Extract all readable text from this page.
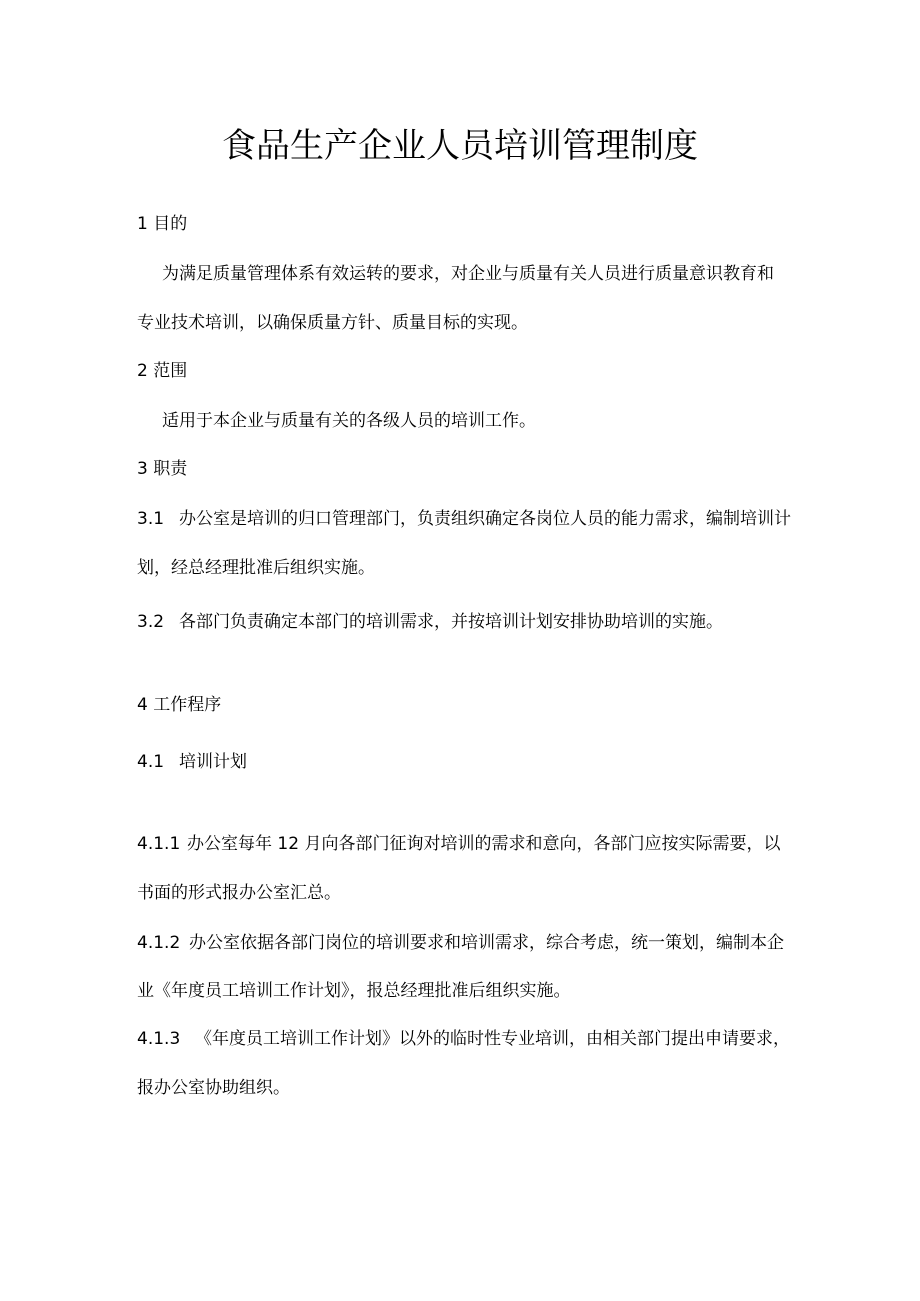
食品生产企业人员培训管理制度

1 目的

为满足质量管理体系有效运转的要求，对企业与质量有关人员进行质量意识教育和

专业技术培训，以确保质量方针、质量目标的实现。

2 范围

适用于本企业与质量有关的各级人员的培训工作。

3 职责

3.1 办公室是培训的归口管理部门，负责组织确定各岗位人员的能力需求，编制培训计

划，经总经理批准后组织实施。

3.2 各部门负责确定本部门的培训需求，并按培训计划安排协助培训的实施。

4 工作程序

4.1 培训计划

4.1.1 办公室每年 12 月向各部门征询对培训的需求和意向，各部门应按实际需要，以

书面的形式报办公室汇总。

4.1.2 办公室依据各部门岗位的培训要求和培训需求，综合考虑，统一策划，编制本企

业《年度员工培训工作计划》，报总经理批准后组织实施。

4.1.3 《年度员工培训工作计划》以外的临时性专业培训，由相关部门提出申请要求，

报办公室协助组织。
